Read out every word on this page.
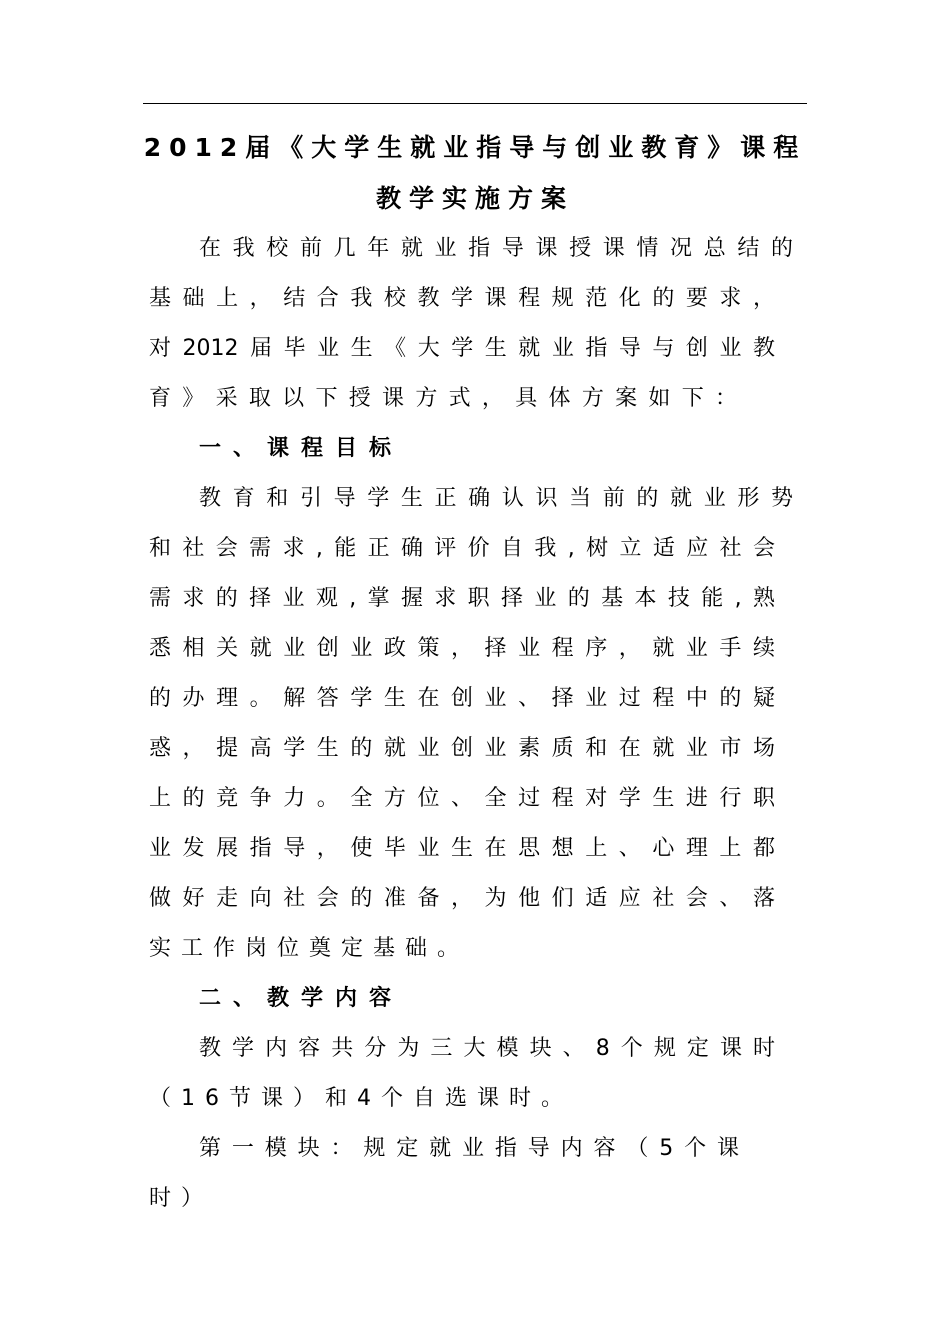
2012届《大学生就业指导与创业教育》课程
教学实施方案
在我校前几年就业指导课授课情况总结的
基础上，结合我校教学课程规范化的要求，
对2012届毕业生《大学生就业指导与创业教
育》采取以下授课方式，具体方案如下：
一、课程目标
教育和引导学生正确认识当前的就业形势
和社会需求,能正确评价自我,树立适应社会
需求的择业观,掌握求职择业的基本技能,熟
悉相关就业创业政策，择业程序，就业手续
的办理。解答学生在创业、择业过程中的疑
惑，提高学生的就业创业素质和在就业市场
上的竞争力。全方位、全过程对学生进行职
业发展指导，使毕业生在思想上、心理上都
做好走向社会的准备，为他们适应社会、落
实工作岗位奠定基础。
二、教学内容
教学内容共分为三大模块、8个规定课时
（16节课）和4个自选课时。
第一模块：规定就业指导内容（5个课
时）
